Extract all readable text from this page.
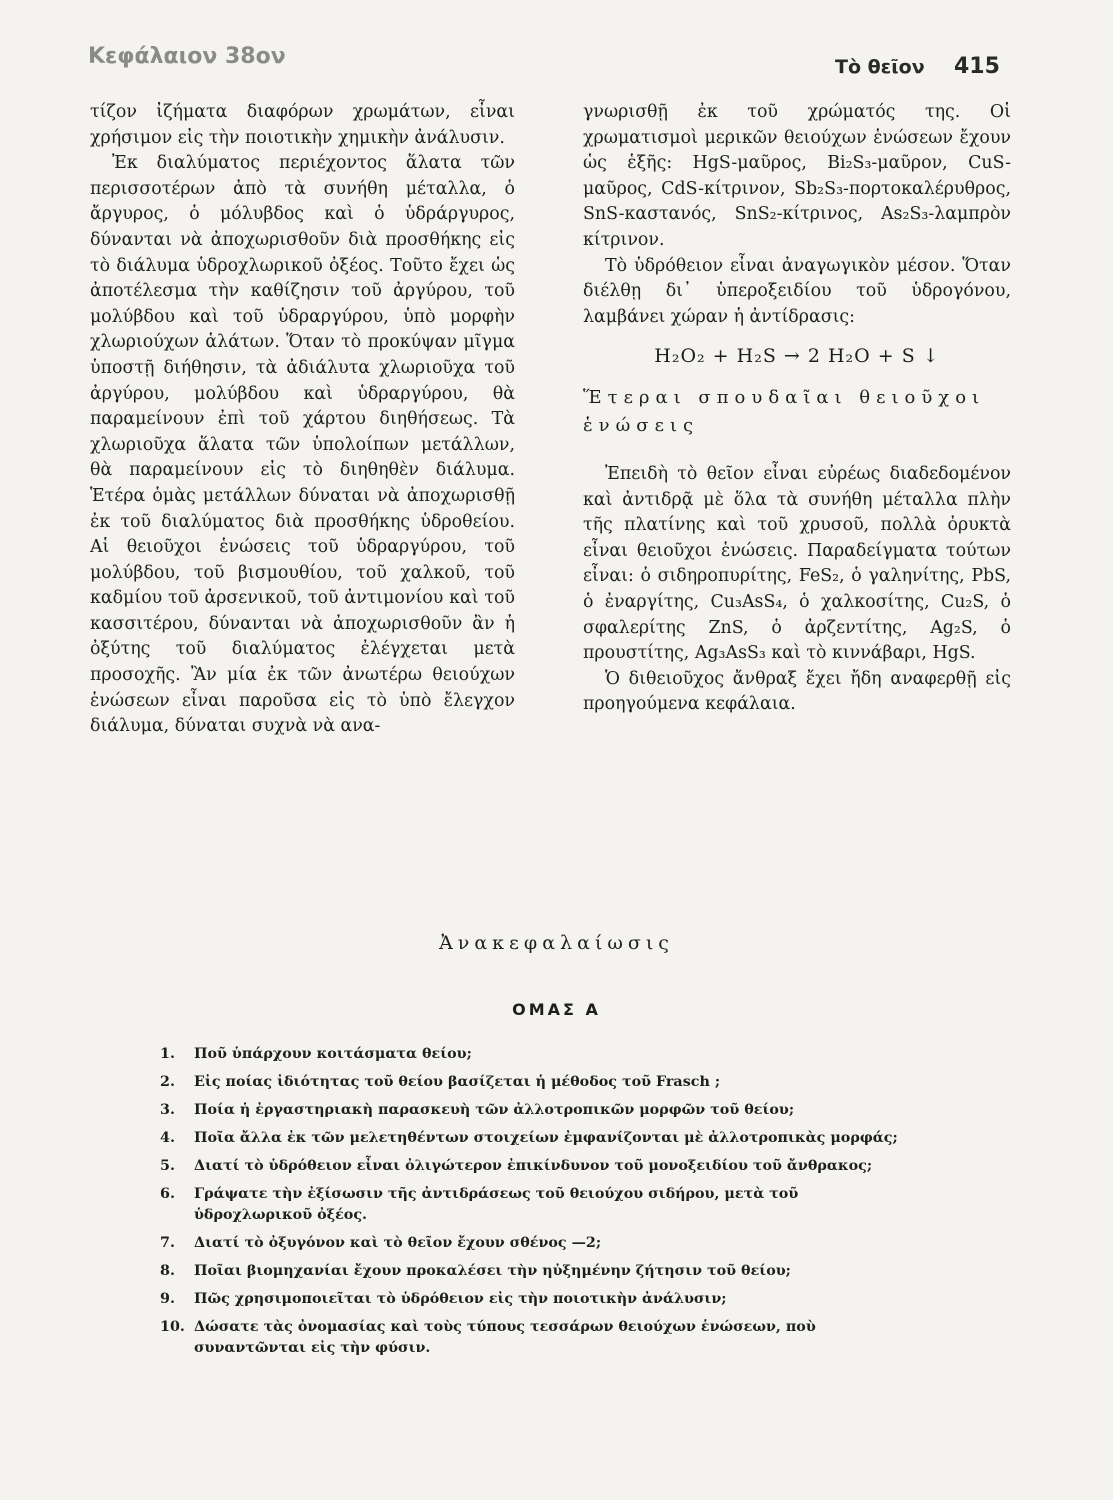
Κεφάλαιον 38ον	Τὸ θεῖον 415

τίζον ἰζήματα διαφόρων χρωμάτων, εἶναι χρήσιμον εἰς τὴν ποιοτικὴν χημικὴν ἀνάλυσιν.

Ἐκ διαλύματος περιέχοντος ἅλατα τῶν περισσοτέρων ἀπὸ τὰ συνήθη μέταλλα, ὁ ἄργυρος, ὁ μόλυβδος καὶ ὁ ὑδράργυρος, δύνανται νὰ ἀποχωρισθοῦν διὰ προσθήκης εἰς τὸ διάλυμα ὑδροχλωρικοῦ ὀξέος. Τοῦτο ἔχει ὡς ἀποτέλεσμα τὴν καθίζησιν τοῦ ἀργύρου, τοῦ μολύβδου καὶ τοῦ ὑδραργύρου, ὑπὸ μορφὴν χλωριούχων ἁλάτων. Ὅταν τὸ προκύψαν μῖγμα ὑποστῇ διήθησιν, τὰ ἀδιάλυτα χλωριοῦχα τοῦ ἀργύρου, μολύβδου καὶ ὑδραργύρου, θὰ παραμείνουν ἐπὶ τοῦ χάρτου διηθήσεως. Τὰ χλωριοῦχα ἅλατα τῶν ὑπολοίπων μετάλλων, θὰ παραμείνουν εἰς τὸ διηθηθὲν διάλυμα. Ἑτέρα ὁμὰς μετάλλων δύναται νὰ ἀποχωρισθῇ ἐκ τοῦ διαλύματος διὰ προσθήκης ὑδροθείου. Αἱ θειοῦχοι ἑνώσεις τοῦ ὑδραργύρου, τοῦ μολύβδου, τοῦ βισμουθίου, τοῦ χαλκοῦ, τοῦ καδμίου τοῦ ἀρσενικοῦ, τοῦ ἀντιμονίου καὶ τοῦ κασσιτέρου, δύνανται νὰ ἀποχωρισθοῦν ἂν ἡ ὀξύτης τοῦ διαλύματος ἐλέγχεται μετὰ προσοχῆς. Ἂν μία ἐκ τῶν ἀνωτέρω θειούχων ἑνώσεων εἶναι παροῦσα εἰς τὸ ὑπὸ ἔλεγχον διάλυμα, δύναται συχνὰ νὰ ανα-

γνωρισθῇ ἐκ τοῦ χρώματός της. Οἱ χρωματισμοὶ μερικῶν θειούχων ἑνώσεων ἔχουν ὡς ἑξῆς: HgS-μαῦρος, Bi₂S₃-μαῦρον, CuS-μαῦρος, CdS-κίτρινον, Sb₂S₃-πορτοκαλέρυθρος, SnS-καστανός, SnS₂-κίτρινος, As₂S₃-λαμπρὸν κίτρινον.

Τὸ ὑδρόθειον εἶναι ἀναγωγικὸν μέσον. Ὅταν διέλθῃ δι᾽ ὑπεροξειδίου τοῦ ὑδρογόνου, λαμβάνει χώραν ἡ ἀντίδρασις:

H₂O₂ + H₂S → 2 H₂O + S ↓
Ἕτεραι σπουδαῖαι θειοῦχοι ἑνώσεις

Ἐπειδὴ τὸ θεῖον εἶναι εὐρέως διαδεδομένον καὶ ἀντιδρᾷ μὲ ὅλα τὰ συνήθη μέταλλα πλὴν τῆς πλατίνης καὶ τοῦ χρυσοῦ, πολλὰ ὀρυκτὰ εἶναι θειοῦχοι ἑνώσεις. Παραδείγματα τούτων εἶναι: ὁ σιδηροπυρίτης, FeS₂, ὁ γαληνίτης, PbS, ὁ ἐναργίτης, Cu₃AsS₄, ὁ χαλκοσίτης, Cu₂S, ὁ σφαλερίτης ZnS, ὁ ἀρζεντίτης, Ag₂S, ὁ προυστίτης, Ag₃AsS₃ καὶ τὸ κιννάβαρι, HgS.

Ὁ διθειοῦχος ἄνθραξ ἔχει ἤδη αναφερθῇ εἰς προηγούμενα κεφάλαια.

Ἀνακεφαλαίωσις
ΟΜΑΣ Α
1.	Ποῦ ὑπάρχουν κοιτάσματα θείου;
2.	Εἰς ποίας ἰδιότητας τοῦ θείου βασίζεται ἡ μέθοδος τοῦ Frasch ;
3.	Ποία ἡ ἐργαστηριακὴ παρασκευὴ τῶν ἀλλοτροπικῶν μορφῶν τοῦ θείου;
4.	Ποῖα ἄλλα ἐκ τῶν μελετηθέντων στοιχείων ἐμφανίζονται μὲ ἀλλοτροπικὰς μορφάς;
5.	Διατί τὸ ὑδρόθειον εἶναι ὀλιγώτερον ἐπικίνδυνον τοῦ μονοξειδίου τοῦ ἄνθρακος;
6.	Γράψατε τὴν ἐξίσωσιν τῆς ἀντιδράσεως τοῦ θειούχου σιδήρου, μετὰ τοῦ ὑδροχλωρικοῦ ὀξέος.
7.	Διατί τὸ ὀξυγόνον καὶ τὸ θεῖον ἔχουν σθένος —2;
8.	Ποῖαι βιομηχανίαι ἔχουν προκαλέσει τὴν ηὐξημένην ζήτησιν τοῦ θείου;
9.	Πῶς χρησιμοποιεῖται τὸ ὑδρόθειον εἰς τὴν ποιοτικὴν ἀνάλυσιν;
10. Δώσατε τὰς ὀνομασίας καὶ τοὺς τύπους τεσσάρων θειούχων ἑνώσεων, ποὺ συναντῶνται εἰς τὴν φύσιν.
